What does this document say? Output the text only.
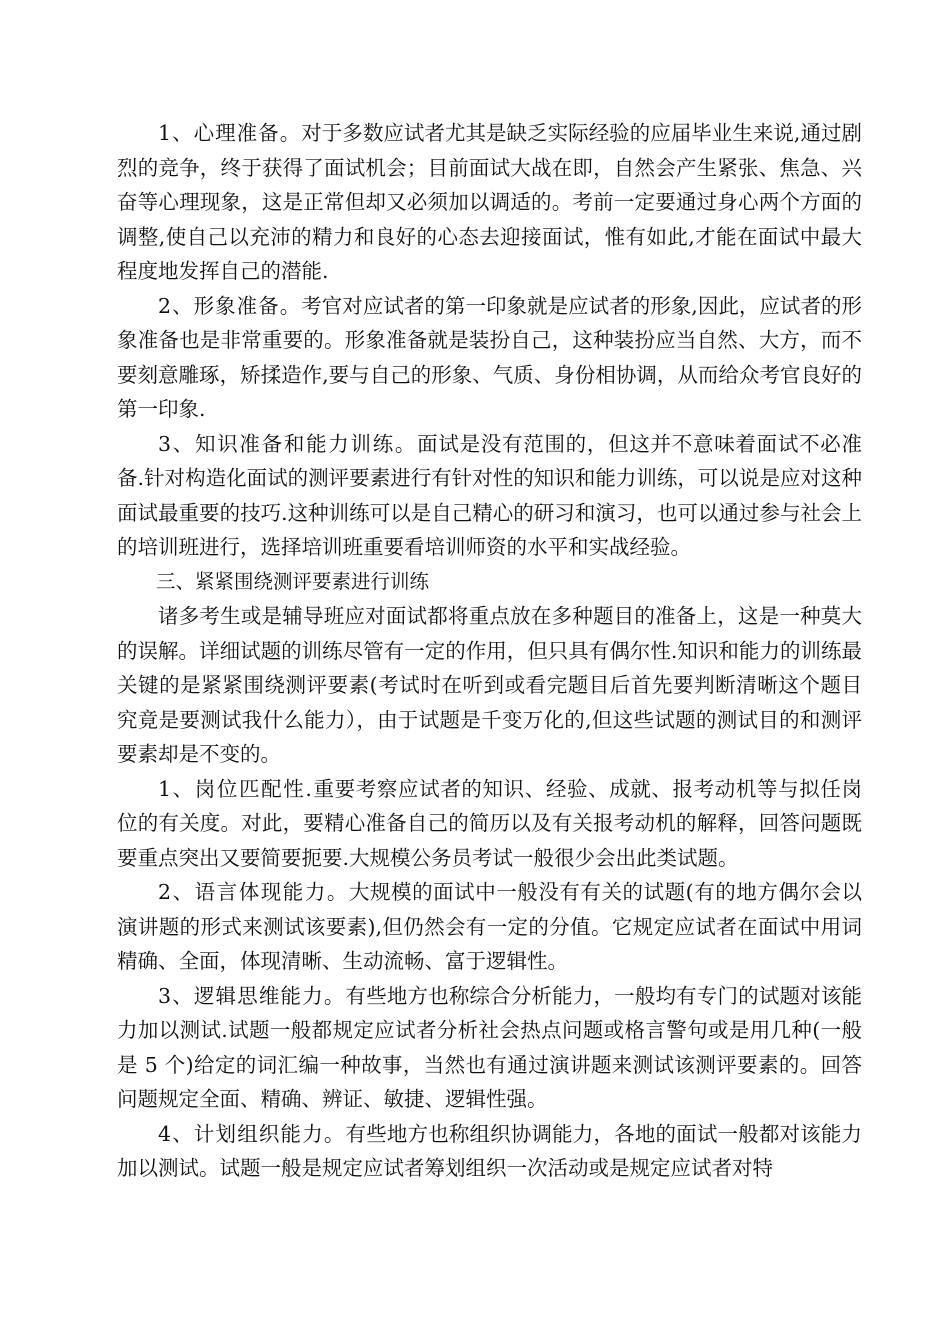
1、心理准备。对于多数应试者尤其是缺乏实际经验的应届毕业生来说,通过剧烈的竞争，终于获得了面试机会；目前面试大战在即，自然会产生紧张、焦急、兴奋等心理现象，这是正常但却又必须加以调适的。考前一定要通过身心两个方面的调整,使自己以充沛的精力和良好的心态去迎接面试，惟有如此,才能在面试中最大程度地发挥自己的潜能.

2、形象准备。考官对应试者的第一印象就是应试者的形象,因此，应试者的形象准备也是非常重要的。形象准备就是装扮自己，这种装扮应当自然、大方，而不要刻意雕琢，矫揉造作,要与自己的形象、气质、身份相协调，从而给众考官良好的第一印象.

3、知识准备和能力训练。面试是没有范围的，但这并不意味着面试不必准备.针对构造化面试的测评要素进行有针对性的知识和能力训练，可以说是应对这种面试最重要的技巧.这种训练可以是自己精心的研习和演习，也可以通过参与社会上的培训班进行，选择培训班重要看培训师资的水平和实战经验。

三、紧紧围绕测评要素进行训练

诸多考生或是辅导班应对面试都将重点放在多种题目的准备上，这是一种莫大的误解。详细试题的训练尽管有一定的作用，但只具有偶尔性.知识和能力的训练最关键的是紧紧围绕测评要素(考试时在听到或看完题目后首先要判断清晰这个题目究竟是要测试我什么能力），由于试题是千变万化的,但这些试题的测试目的和测评要素却是不变的。

1、岗位匹配性.重要考察应试者的知识、经验、成就、报考动机等与拟任岗位的有关度。对此，要精心准备自己的简历以及有关报考动机的解释，回答问题既要重点突出又要简要扼要.大规模公务员考试一般很少会出此类试题。

2、语言体现能力。大规模的面试中一般没有有关的试题(有的地方偶尔会以演讲题的形式来测试该要素),但仍然会有一定的分值。它规定应试者在面试中用词精确、全面，体现清晰、生动流畅、富于逻辑性。

3、逻辑思维能力。有些地方也称综合分析能力，一般均有专门的试题对该能力加以测试.试题一般都规定应试者分析社会热点问题或格言警句或是用几种(一般是 5 个)给定的词汇编一种故事，当然也有通过演讲题来测试该测评要素的。回答问题规定全面、精确、辨证、敏捷、逻辑性强。

4、计划组织能力。有些地方也称组织协调能力，各地的面试一般都对该能力加以测试。试题一般是规定应试者筹划组织一次活动或是规定应试者对特
